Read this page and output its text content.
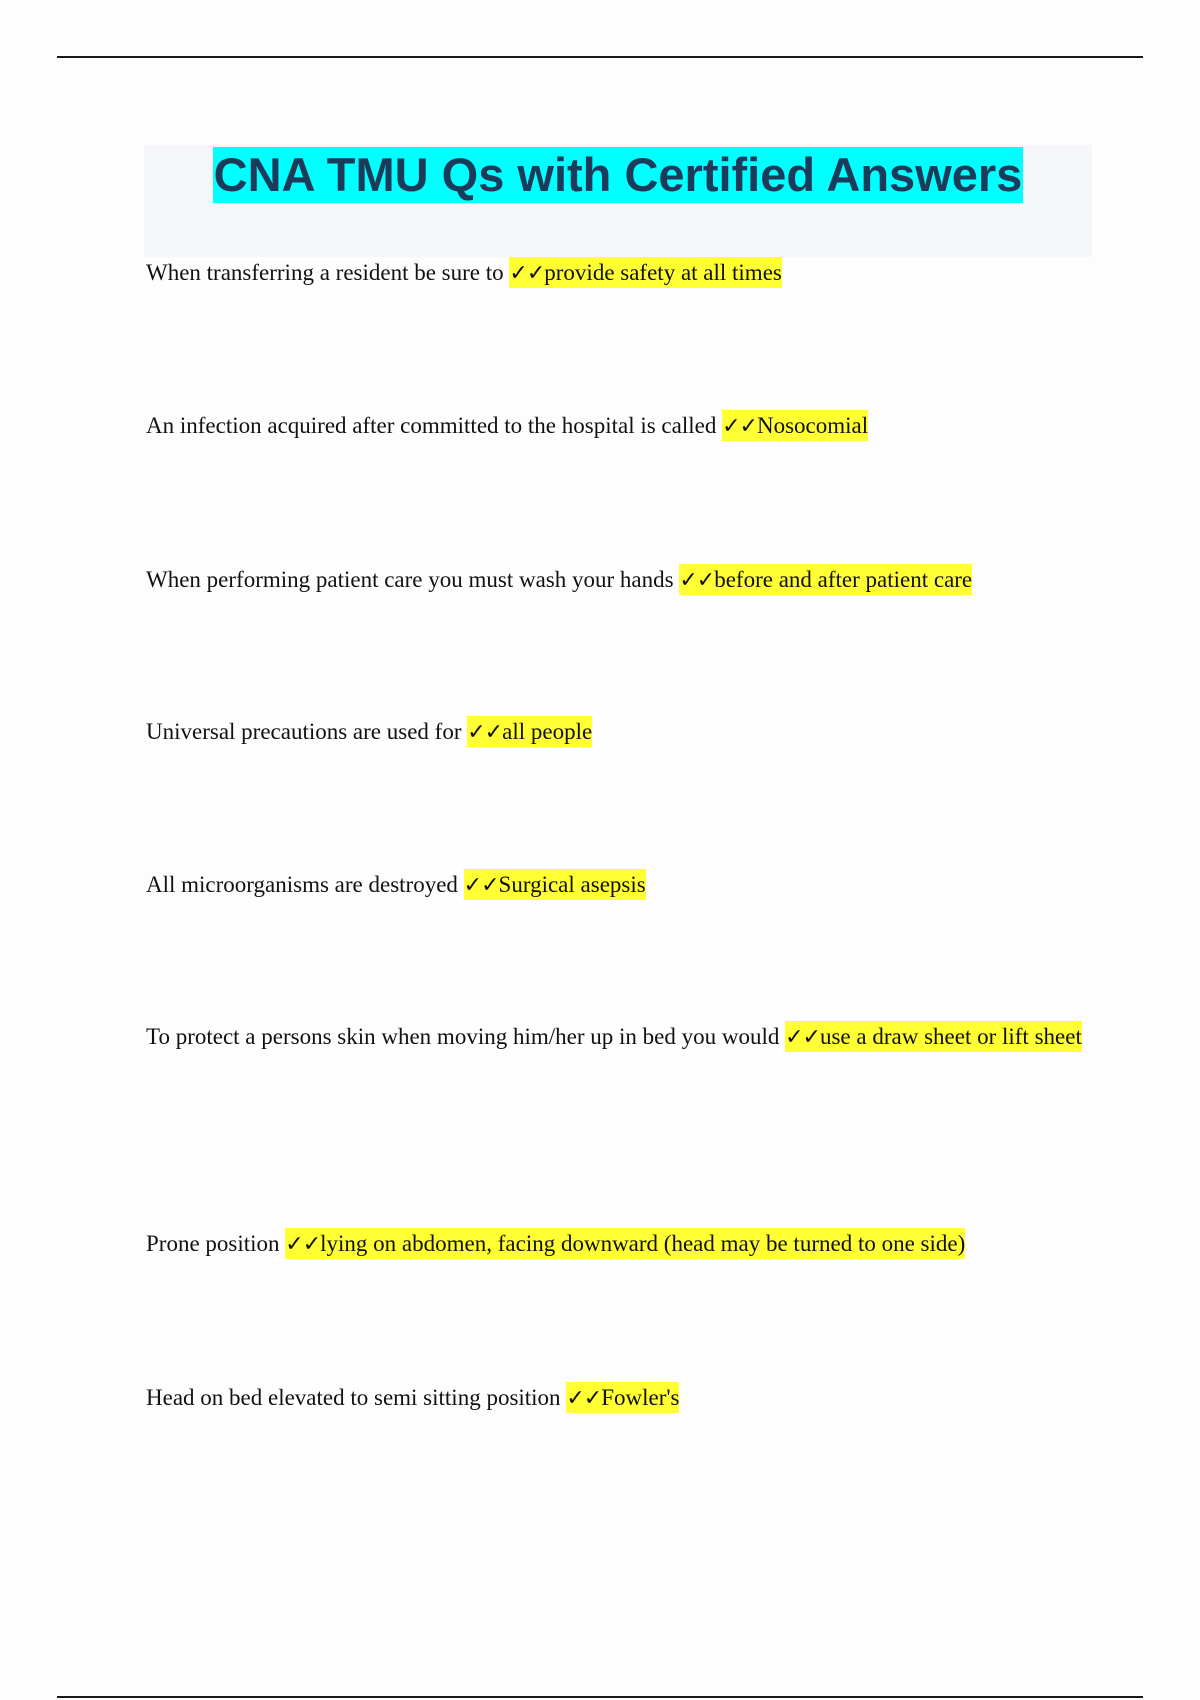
CNA TMU Qs with Certified Answers

When transferring a resident be sure to ✓✓provide safety at all times

An infection acquired after committed to the hospital is called ✓✓Nosocomial

When performing patient care you must wash your hands ✓✓before and after patient care

Universal precautions are used for ✓✓all people

All microorganisms are destroyed ✓✓Surgical asepsis

To protect a persons skin when moving him/her up in bed you would ✓✓use a draw sheet or lift sheet

Prone position ✓✓lying on abdomen, facing downward (head may be turned to one side)

Head on bed elevated to semi sitting position ✓✓Fowler's
